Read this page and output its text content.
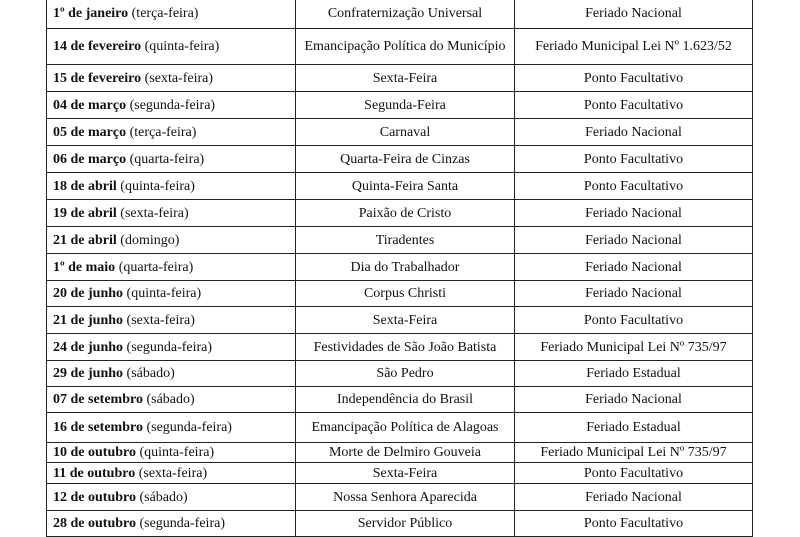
1º de janeiro (terça-feira)	Confraternização Universal	Feriado Nacional
14 de fevereiro (quinta-feira)	Emancipação Política do Município	Feriado Municipal Lei Nº 1.623/52
15 de fevereiro (sexta-feira)	Sexta-Feira	Ponto Facultativo
04 de março (segunda-feira)	Segunda-Feira	Ponto Facultativo
05 de março (terça-feira)	Carnaval	Feriado Nacional
06 de março (quarta-feira)	Quarta-Feira de Cinzas	Ponto Facultativo
18 de abril (quinta-feira)	Quinta-Feira Santa	Ponto Facultativo
19 de abril (sexta-feira)	Paixão de Cristo	Feriado Nacional
21 de abril (domingo)	Tiradentes	Feriado Nacional
1º de maio (quarta-feira)	Dia do Trabalhador	Feriado Nacional
20 de junho (quinta-feira)	Corpus Christi	Feriado Nacional
21 de junho (sexta-feira)	Sexta-Feira	Ponto Facultativo
24 de junho (segunda-feira)	Festividades de São João Batista	Feriado Municipal Lei Nº 735/97
29 de junho (sábado)	São Pedro	Feriado Estadual
07 de setembro (sábado)	Independência do Brasil	Feriado Nacional
16 de setembro (segunda-feira)	Emancipação Política de Alagoas	Feriado Estadual
10 de outubro (quinta-feira)	Morte de Delmiro Gouveia	Feriado Municipal Lei Nº 735/97
11 de outubro (sexta-feira)	Sexta-Feira	Ponto Facultativo
12 de outubro (sábado)	Nossa Senhora Aparecida	Feriado Nacional
28 de outubro (segunda-feira)	Servidor Público	Ponto Facultativo
